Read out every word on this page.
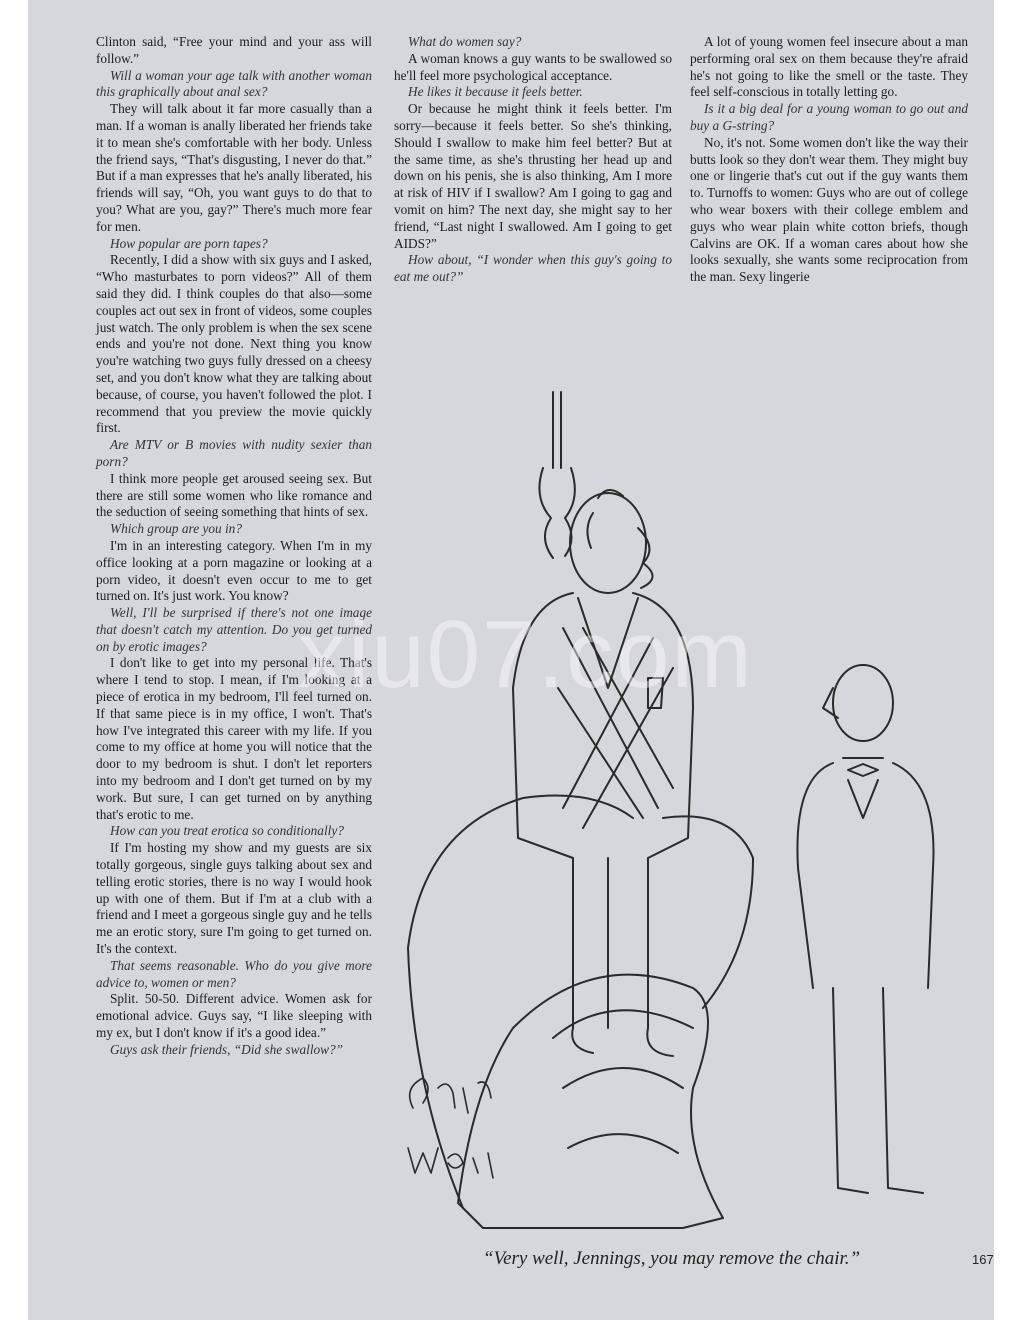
Clinton said, “Free your mind and your ass will follow.”

Will a woman your age talk with another woman this graphically about anal sex?

They will talk about it far more casually than a man. If a woman is anally liberated her friends take it to mean she's comfortable with her body. Unless the friend says, “That's disgusting, I never do that.” But if a man expresses that he's anally liberated, his friends will say, “Oh, you want guys to do that to you? What are you, gay?” There's much more fear for men.

How popular are porn tapes?

Recently, I did a show with six guys and I asked, “Who masturbates to porn videos?” All of them said they did. I think couples do that also—some couples act out sex in front of videos, some couples just watch. The only problem is when the sex scene ends and you're not done. Next thing you know you're watching two guys fully dressed on a cheesy set, and you don't know what they are talking about because, of course, you haven't followed the plot. I recommend that you preview the movie quickly first.

Are MTV or B movies with nudity sexier than porn?

I think more people get aroused seeing sex. But there are still some women who like romance and the seduction of seeing something that hints of sex.

Which group are you in?

I'm in an interesting category. When I'm in my office looking at a porn magazine or looking at a porn video, it doesn't even occur to me to get turned on. It's just work. You know?

Well, I'll be surprised if there's not one image that doesn't catch my attention. Do you get turned on by erotic images?

I don't like to get into my personal life. That's where I tend to stop. I mean, if I'm looking at a piece of erotica in my bedroom, I'll feel turned on. If that same piece is in my office, I won't. That's how I've integrated this career with my life. If you come to my office at home you will notice that the door to my bedroom is shut. I don't let reporters into my bedroom and I don't get turned on by my work. But sure, I can get turned on by anything that's erotic to me.

How can you treat erotica so conditionally?

If I'm hosting my show and my guests are six totally gorgeous, single guys talking about sex and telling erotic stories, there is no way I would hook up with one of them. But if I'm at a club with a friend and I meet a gorgeous single guy and he tells me an erotic story, sure I'm going to get turned on. It's the context.

That seems reasonable. Who do you give more advice to, women or men?

Split. 50-50. Different advice. Women ask for emotional advice. Guys say, “I like sleeping with my ex, but I don't know if it's a good idea.”

Guys ask their friends, “Did she swallow?”

What do women say?

A woman knows a guy wants to be swallowed so he'll feel more psychological acceptance.

He likes it because it feels better.

Or because he might think it feels better. I'm sorry—because it feels better. So she's thinking, Should I swallow to make him feel better? But at the same time, as she's thrusting her head up and down on his penis, she is also thinking, Am I more at risk of HIV if I swallow? Am I going to gag and vomit on him? The next day, she might say to her friend, “Last night I swallowed. Am I going to get AIDS?”

How about, “I wonder when this guy's going to eat me out?”

A lot of young women feel insecure about a man performing oral sex on them because they're afraid he's not going to like the smell or the taste. They feel self-conscious in totally letting go.

Is it a big deal for a young woman to go out and buy a G-string?

No, it's not. Some women don't like the way their butts look so they don't wear them. They might buy one or lingerie that's cut out if the guy wants them to. Turnoffs to women: Guys who are out of college who wear boxers with their college emblem and guys who wear plain white cotton briefs, though Calvins are OK. If a woman cares about how she looks sexually, she wants some reciprocation from the man. Sexy lingerie

“Very well, Jennings, you may remove the chair.”	167
xiu07.com
